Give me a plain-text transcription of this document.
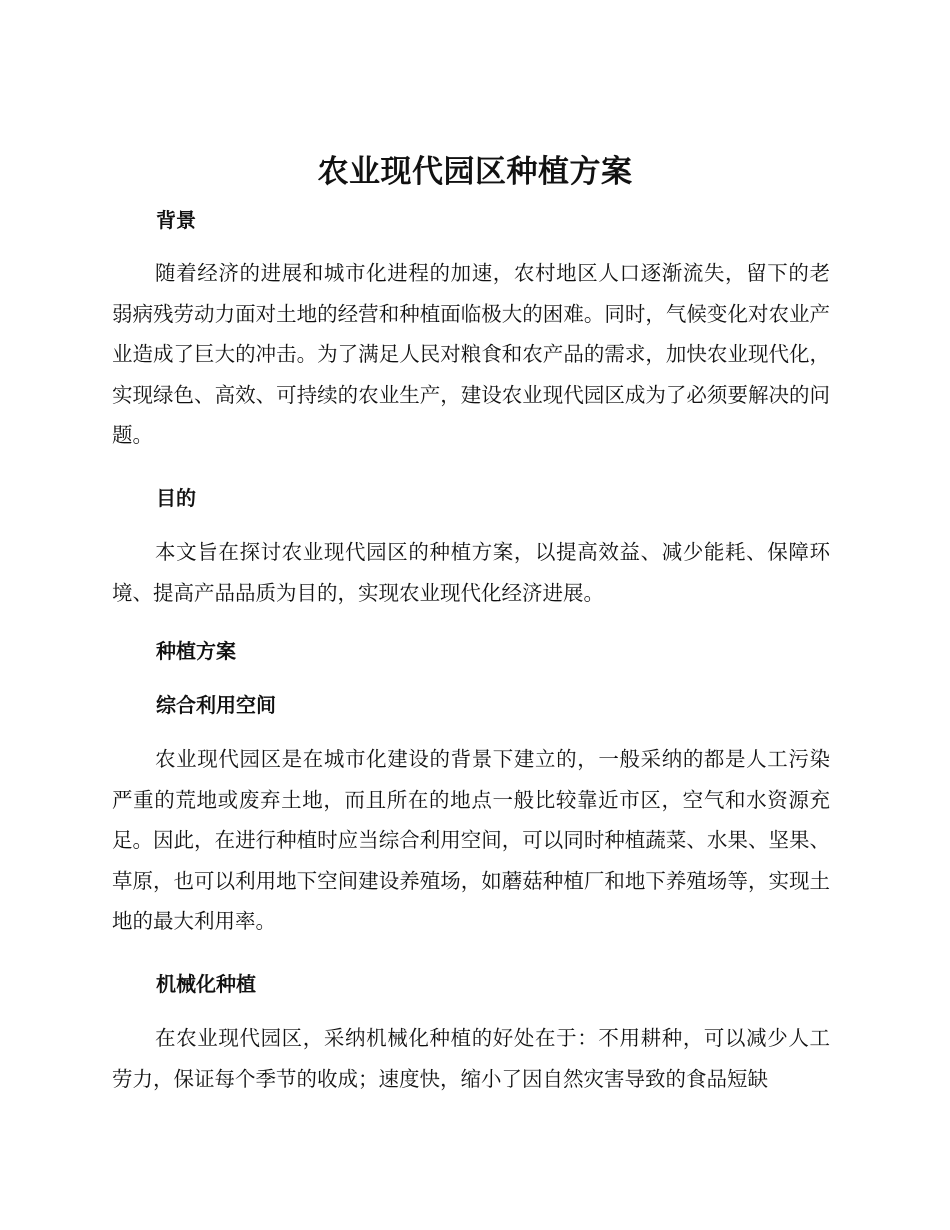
农业现代园区种植方案
背景

随着经济的进展和城市化进程的加速，农村地区人口逐渐流失，留下的老弱病残劳动力面对土地的经营和种植面临极大的困难。同时，气候变化对农业产业造成了巨大的冲击。为了满足人民对粮食和农产品的需求，加快农业现代化，实现绿色、高效、可持续的农业生产，建设农业现代园区成为了必须要解决的问题。

目的

本文旨在探讨农业现代园区的种植方案，以提高效益、减少能耗、保障环境、提高产品品质为目的，实现农业现代化经济进展。

种植方案
综合利用空间

农业现代园区是在城市化建设的背景下建立的，一般采纳的都是人工污染严重的荒地或废弃土地，而且所在的地点一般比较靠近市区，空气和水资源充足。因此，在进行种植时应当综合利用空间，可以同时种植蔬菜、水果、坚果、草原，也可以利用地下空间建设养殖场，如蘑菇种植厂和地下养殖场等，实现土地的最大利用率。

机械化种植

在农业现代园区，采纳机械化种植的好处在于：不用耕种，可以减少人工劳力，保证每个季节的收成；速度快，缩小了因自然灾害导致的食品短缺
